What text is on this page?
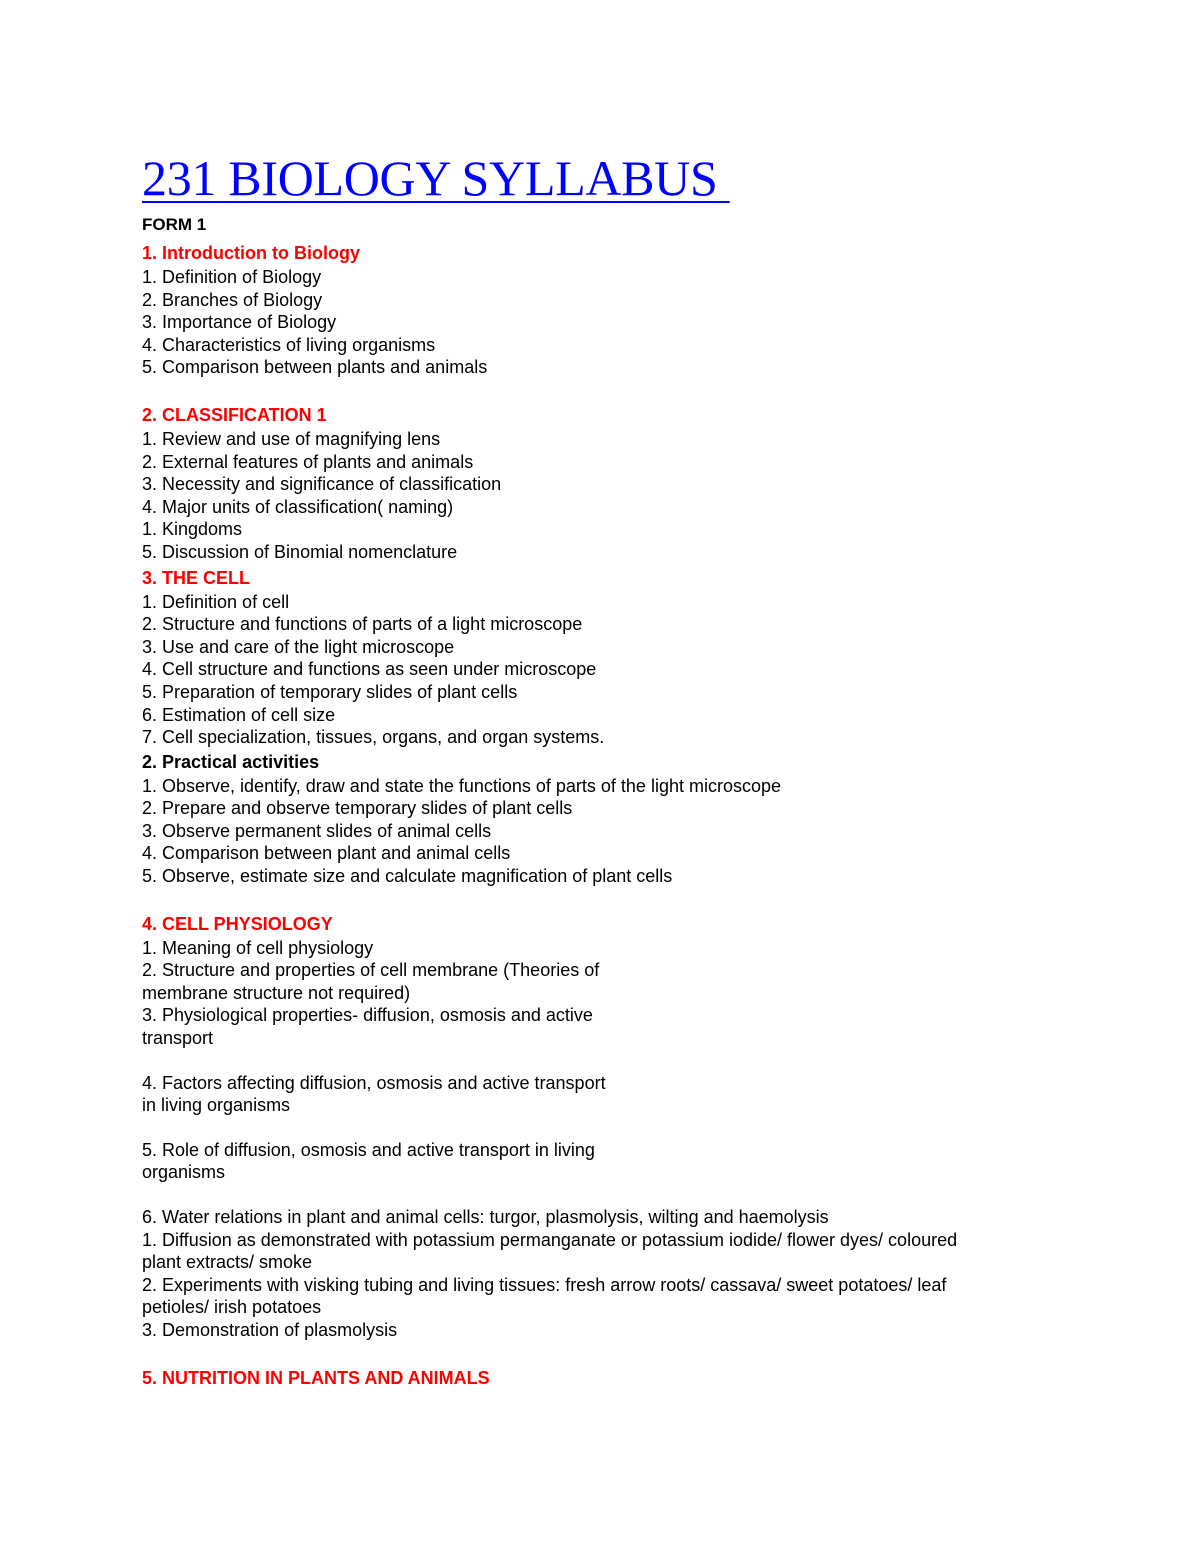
231 BIOLOGY SYLLABUS
FORM 1
1. Introduction to Biology
1. Definition of Biology
2. Branches of Biology
3. Importance of Biology
4. Characteristics of living organisms
5. Comparison between plants and animals
2. CLASSIFICATION 1
1. Review and use of magnifying lens
2. External features of plants and animals
3. Necessity and significance of classification
4. Major units of classification( naming)
1. Kingdoms
5. Discussion of Binomial nomenclature
3. THE CELL
1. Definition of cell
2. Structure and functions of parts of a light microscope
3. Use and care of the light microscope
4. Cell structure and functions as seen under microscope
5. Preparation of temporary slides of plant cells
6. Estimation of cell size
7. Cell specialization, tissues, organs, and organ systems.
2. Practical activities
1. Observe, identify, draw and state the functions of parts of the light microscope
2. Prepare and observe temporary slides of plant cells
3. Observe permanent slides of animal cells
4. Comparison between plant and animal cells
5. Observe, estimate size and calculate magnification of plant cells
4. CELL PHYSIOLOGY
1. Meaning of cell physiology
2. Structure and properties of cell membrane (Theories of
membrane structure not required)
3. Physiological properties- diffusion, osmosis and active
transport
4. Factors affecting diffusion, osmosis and active transport
in living organisms
5. Role of diffusion, osmosis and active transport in living
organisms
6. Water relations in plant and animal cells: turgor, plasmolysis, wilting and haemolysis
1. Diffusion as demonstrated with potassium permanganate or potassium iodide/ flower dyes/ coloured
plant extracts/ smoke
2. Experiments with visking tubing and living tissues: fresh arrow roots/ cassava/ sweet potatoes/ leaf
petioles/ irish potatoes
3. Demonstration of plasmolysis
5. NUTRITION IN PLANTS AND ANIMALS
